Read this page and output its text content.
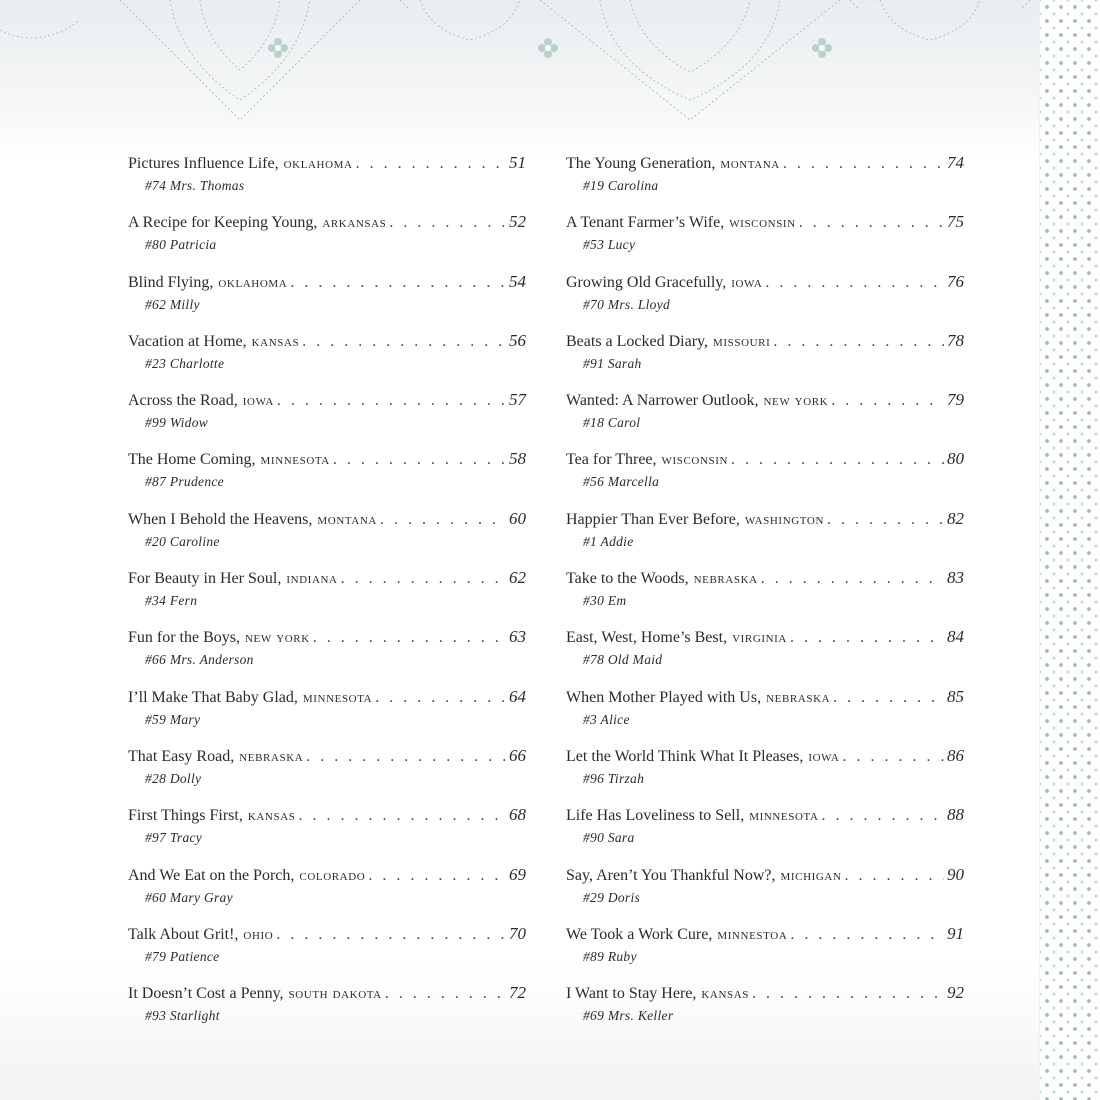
Pictures Influence Life, oklahoma . . .	51
#74 Mrs. Thomas
A Recipe for Keeping Young, arkansas . . .	52
#80 Patricia
Blind Flying, oklahoma . . .	54
#62 Milly
Vacation at Home, kansas . . .	56
#23 Charlotte
Across the Road, iowa . . .	57
#99 Widow
The Home Coming, minnesota . . .	58
#87 Prudence
When I Behold the Heavens, montana . . .	60
#20 Caroline
For Beauty in Her Soul, indiana . . .	62
#34 Fern
Fun for the Boys, new york . . .	63
#66 Mrs. Anderson
I’ll Make That Baby Glad, minnesota . . .	64
#59 Mary
That Easy Road, nebraska . . .	66
#28 Dolly
First Things First, kansas . . .	68
#97 Tracy
And We Eat on the Porch, colorado . . .	69
#60 Mary Gray
Talk About Grit!, ohio . . .	70
#79 Patience
It Doesn’t Cost a Penny, south dakota . . .	72
#93 Starlight
The Young Generation, montana . . .	74
#19 Carolina
A Tenant Farmer’s Wife, wisconsin . . .	75
#53 Lucy
Growing Old Gracefully, iowa . . .	76
#70 Mrs. Lloyd
Beats a Locked Diary, missouri . . .	78
#91 Sarah
Wanted: A Narrower Outlook, new york . . .	79
#18 Carol
Tea for Three, wisconsin . . .	80
#56 Marcella
Happier Than Ever Before, washington . . .	82
#1 Addie
Take to the Woods, nebraska . . .	83
#30 Em
East, West, Home’s Best, virginia . . .	84
#78 Old Maid
When Mother Played with Us, nebraska . . .	85
#3 Alice
Let the World Think What It Pleases, iowa . . .	86
#96 Tirzah
Life Has Loveliness to Sell, minnesota . . .	88
#90 Sara
Say, Aren’t You Thankful Now?, michigan . . .	90
#29 Doris
We Took a Work Cure, minnestoa . . .	91
#89 Ruby
I Want to Stay Here, kansas . . .	92
#69 Mrs. Keller
